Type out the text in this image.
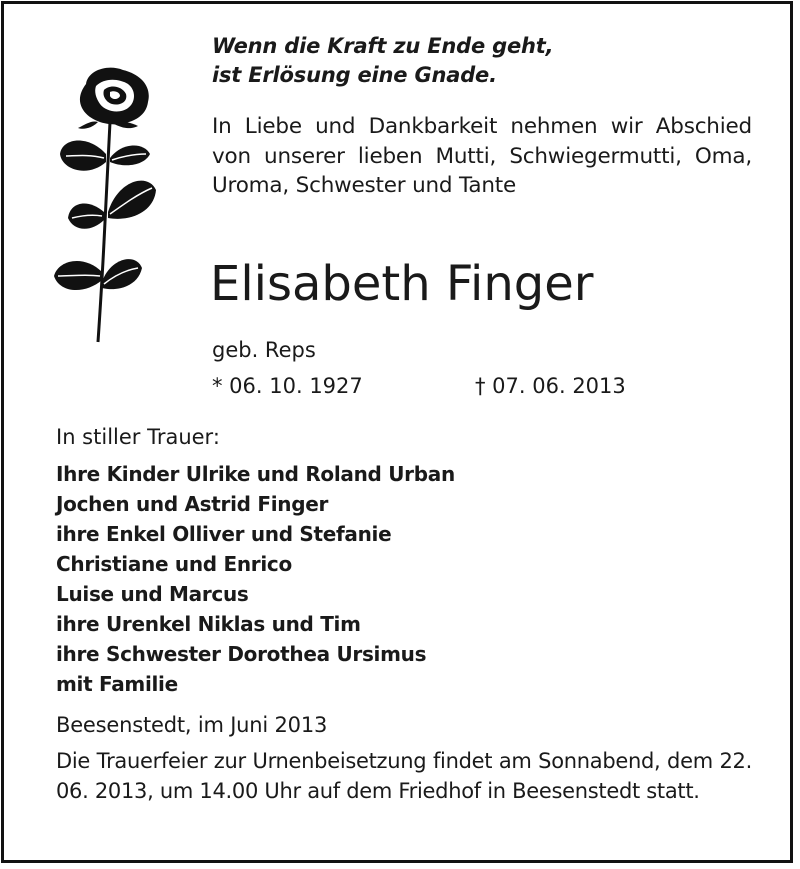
Wenn die Kraft zu Ende geht,
ist Erlösung eine Gnade.
In Liebe und Dankbarkeit nehmen wir Abschied von unserer lieben Mutti, Schwiegermutti, Oma, Uroma, Schwester und Tante
Elisabeth Finger
geb. Reps
* 06. 10. 1927	† 07. 06. 2013
In stiller Trauer:
Ihre Kinder Ulrike und Roland Urban
Jochen und Astrid Finger
ihre Enkel Olliver und Stefanie
Christiane und Enrico
Luise und Marcus
ihre Urenkel Niklas und Tim
ihre Schwester Dorothea Ursimus
mit Familie
Beesenstedt, im Juni 2013
Die Trauerfeier zur Urnenbeisetzung findet am Sonnabend, dem 22. 06. 2013, um 14.00 Uhr auf dem Friedhof in Beesenstedt statt.
